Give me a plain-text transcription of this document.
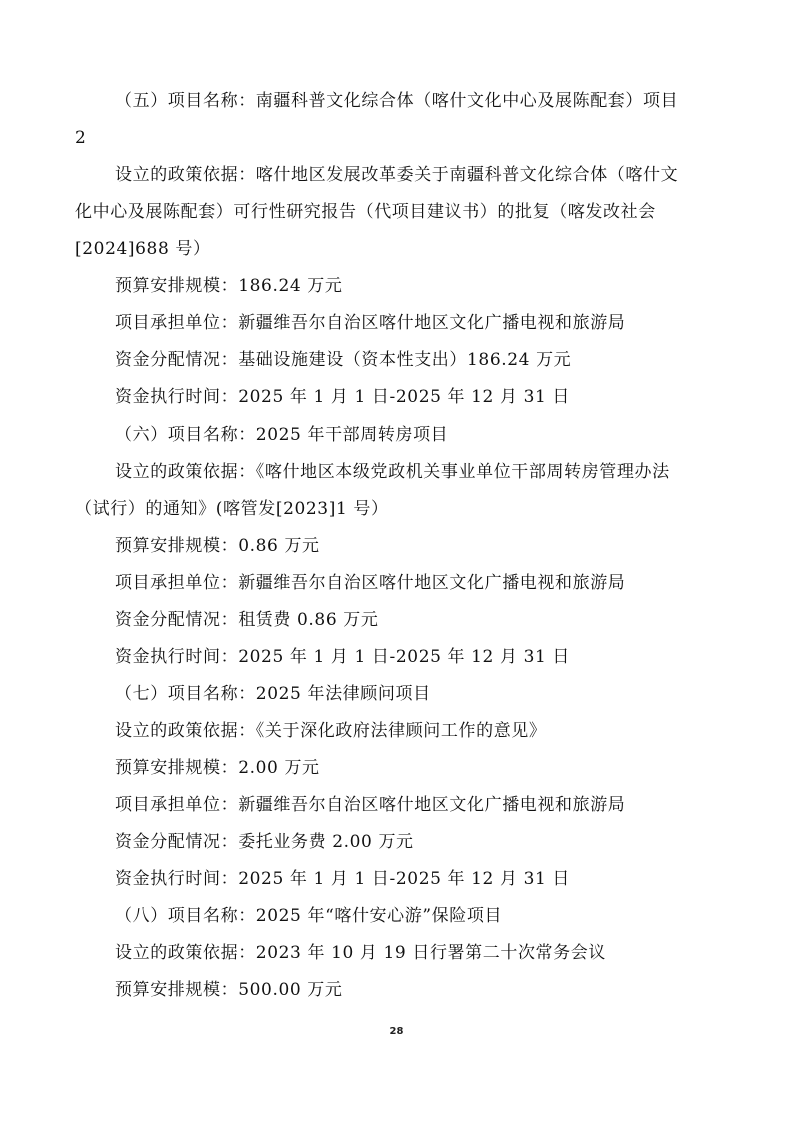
（五）项目名称：南疆科普文化综合体（喀什文化中心及展陈配套）项目
2
设立的政策依据：喀什地区发展改革委关于南疆科普文化综合体（喀什文
化中心及展陈配套）可行性研究报告（代项目建议书）的批复（喀发改社会
[2024]688 号）
预算安排规模：186.24 万元
项目承担单位：新疆维吾尔自治区喀什地区文化广播电视和旅游局
资金分配情况：基础设施建设（资本性支出）186.24 万元
资金执行时间：2025 年 1 月 1 日-2025 年 12 月 31 日
（六）项目名称：2025 年干部周转房项目
设立的政策依据：《喀什地区本级党政机关事业单位干部周转房管理办法
（试行）的通知》(喀管发[2023]1 号）
预算安排规模：0.86 万元
项目承担单位：新疆维吾尔自治区喀什地区文化广播电视和旅游局
资金分配情况：租赁费 0.86 万元
资金执行时间：2025 年 1 月 1 日-2025 年 12 月 31 日
（七）项目名称：2025 年法律顾问项目
设立的政策依据：《关于深化政府法律顾问工作的意见》
预算安排规模：2.00 万元
项目承担单位：新疆维吾尔自治区喀什地区文化广播电视和旅游局
资金分配情况：委托业务费 2.00 万元
资金执行时间：2025 年 1 月 1 日-2025 年 12 月 31 日
（八）项目名称：2025 年“喀什安心游”保险项目
设立的政策依据：2023 年 10 月 19 日行署第二十次常务会议
预算安排规模：500.00 万元
28
